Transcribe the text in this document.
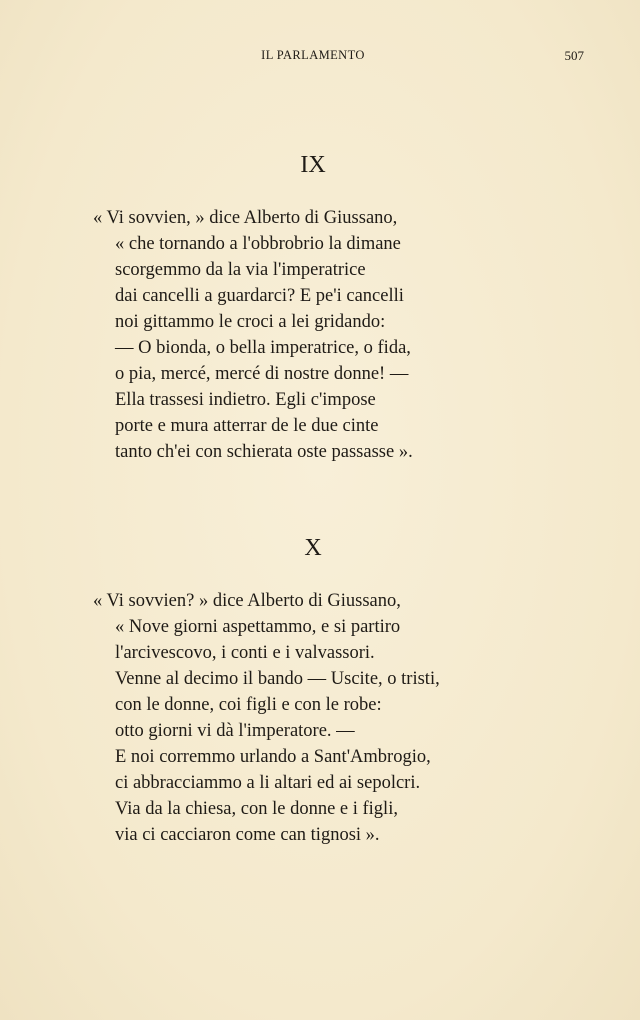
IL PARLAMENTO	507
IX
« Vi sovvien, » dice Alberto di Giussano,
« che tornando a l'obbrobrio la dimane
scorgemmo da la via l'imperatrice
dai cancelli a guardarci? E pe'i cancelli
noi gittammo le croci a lei gridando:
— O bionda, o bella imperatrice, o fida,
o pia, mercé, mercé di nostre donne! —
Ella trassesi indietro. Egli c'impose
porte e mura atterrar de le due cinte
tanto ch'ei con schierata oste passasse ».
X
« Vi sovvien? » dice Alberto di Giussano,
« Nove giorni aspettammo, e si partiro
l'arcivescovo, i conti e i valvassori.
Venne al decimo il bando — Uscite, o tristi,
con le donne, coi figli e con le robe:
otto giorni vi dà l'imperatore. —
E noi corremmo urlando a Sant'Ambrogio,
ci abbracciammo a li altari ed ai sepolcri.
Via da la chiesa, con le donne e i figli,
via ci cacciaron come can tignosi ».
